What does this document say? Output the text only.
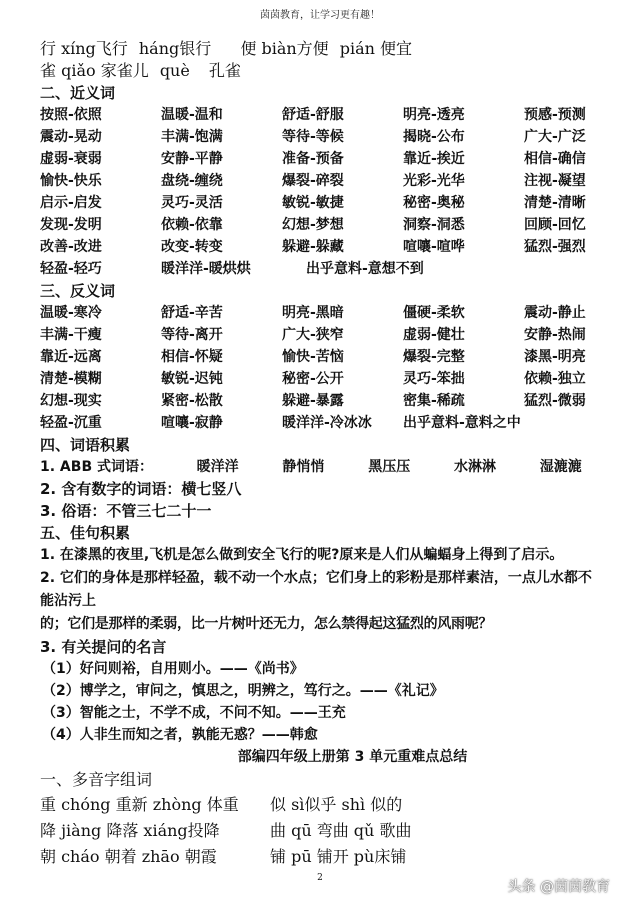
茵茵教育，让学习更有趣！
行 xíng飞行 háng银行 便 biàn方便 pián 便宜
雀 qiǎo 家雀儿 què 孔雀
二、近义词
按照-依照	温暖-温和	舒适-舒服	明亮-透亮	预感-预测
震动-晃动	丰满-饱满	等待-等候	揭晓-公布	广大-广泛
虚弱-衰弱	安静-平静	准备-预备	靠近-挨近	相信-确信
愉快-快乐	盘绕-缠绕	爆裂-碎裂	光彩-光华	注视-凝望
启示-启发	灵巧-灵活	敏锐-敏捷	秘密-奥秘	清楚-清晰
发现-发明	依赖-依靠	幻想-梦想	洞察-洞悉	回顾-回忆
改善-改进	改变-转变	躲避-躲藏	喧嚷-喧哗	猛烈-强烈
轻盈-轻巧	暖洋洋-暖烘烘	出乎意料-意想不到
三、反义词
温暖-寒冷	舒适-辛苦	明亮-黑暗	僵硬-柔软	震动-静止
丰满-干瘦	等待-离开	广大-狭窄	虚弱-健壮	安静-热闹
靠近-远离	相信-怀疑	愉快-苦恼	爆裂-完整	漆黑-明亮
清楚-模糊	敏锐-迟钝	秘密-公开	灵巧-笨拙	依赖-独立
幻想-现实	紧密-松散	躲避-暴露	密集-稀疏	猛烈-微弱
轻盈-沉重	喧嚷-寂静	暖洋洋-冷冰冰	出乎意料-意料之中
四、词语积累
1. ABB 式词语：	暖洋洋	静悄悄	黑压压	水淋淋	湿漉漉
2. 含有数字的词语：横七竖八
3. 俗语：不管三七二十一
五、佳句积累
1. 在漆黑的夜里,飞机是怎么做到安全飞行的呢?原来是人们从蝙蝠身上得到了启示。
2. 它们的身体是那样轻盈，载不动一个水点；它们身上的彩粉是那样素洁，一点儿水都不能沾污上
的；它们是那样的柔弱，比一片树叶还无力，怎么禁得起这猛烈的风雨呢？
3. 有关提问的名言
（1）好问则裕，自用则小。——《尚书》
（2）博学之，审问之，慎思之，明辨之，笃行之。——《礼记》
（3）智能之士，不学不成，不问不知。——王充
（4）人非生而知之者，孰能无惑？——韩愈
部编四年级上册第 3 单元重难点总结
一、多音字组词
重 chóng 重新 zhòng 体重	似 sì似乎 shì 似的
降 jiàng 降落 xiáng投降	曲 qū 弯曲 qǔ 歌曲
朝 cháo 朝着 zhāo 朝霞	铺 pū 铺开 pù床铺
2
头条 @茵茵教育
